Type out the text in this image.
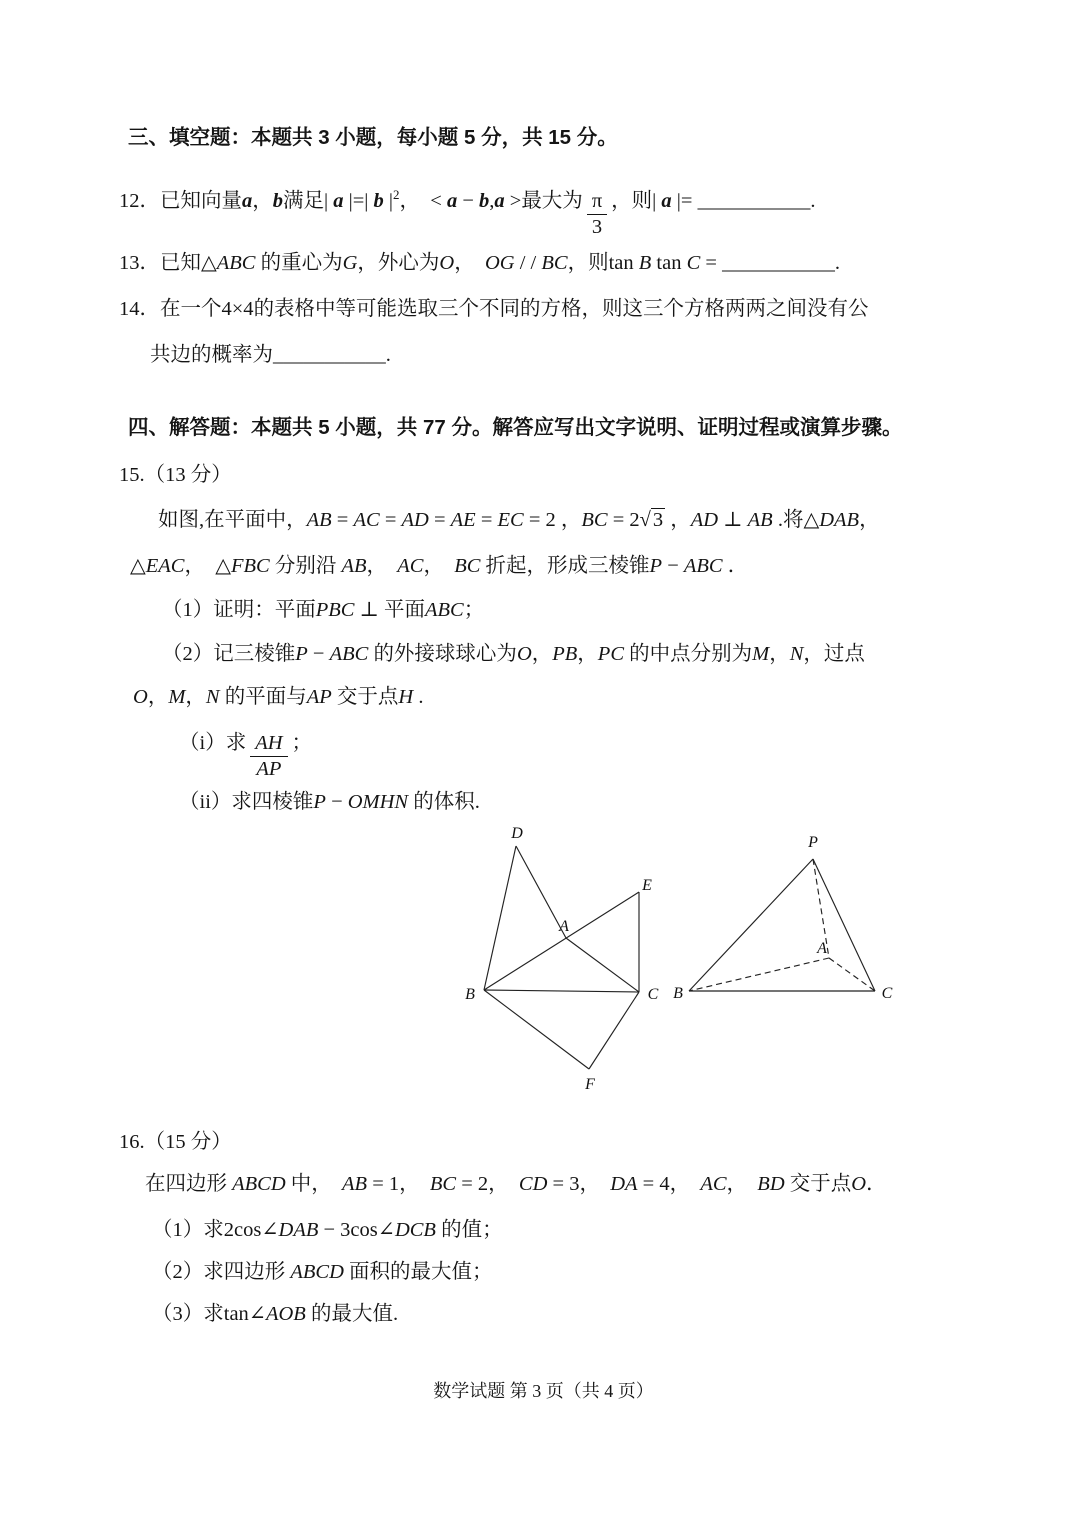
三、填空题：本题共 3 小题，每小题 5 分，共 15 分。
12．已知向量 a ， b 满足 | a |=| b | 2 ， < a − b , a > 最大为 $\frac{\pi}{3}$ ，则 | a |= ___________ .
13．已知 △ ABC 的重心为 G ，外心为 O ， OG / / BC ，则 tan B tan C = ___________ .
14．在一个 4×4 的表格中等可能选取三个不同的方格，则这三个方格两两之间没有公
共边的概率为 ___________ .
四、解答题：本题共 5 小题，共 77 分。解答应写出文字说明、证明过程或演算步骤。
15.（13 分）
如图,在平面中， AB = AC = AD = AE = EC = 2 ， BC = 2√ 3 ， AD ⊥ AB .将 △ DAB ，
△ EAC ， △ FBC 分别沿 AB ， AC ， BC 折起，形成三棱锥 P − ABC ．
（1）证明：平面 PBC ⊥ 平面 ABC ；
（2）记三棱锥 P − ABC 的外接球球心为 O ， PB ， PC 的中点分别为 M ， N ，过点
O ， M ， N 的平面与 AP 交于点 H .
（i）求 $\frac{AH}{AP}$ ；
（ii）求四棱锥 P − OMHN 的体积.
D
E
A
B	C
F
P
A
B	C
16.（15 分）
在四边形 ABCD 中， AB = 1 ， BC = 2 ， CD = 3 ， DA = 4 ， AC ， BD 交于点 O ．
（1）求 2cos∠ DAB − 3cos∠ DCB 的值；
（2）求四边形 ABCD 面积的最大值；
（3）求 tan∠ AOB 的最大值.
数学试题 第 3 页（共 4 页）
